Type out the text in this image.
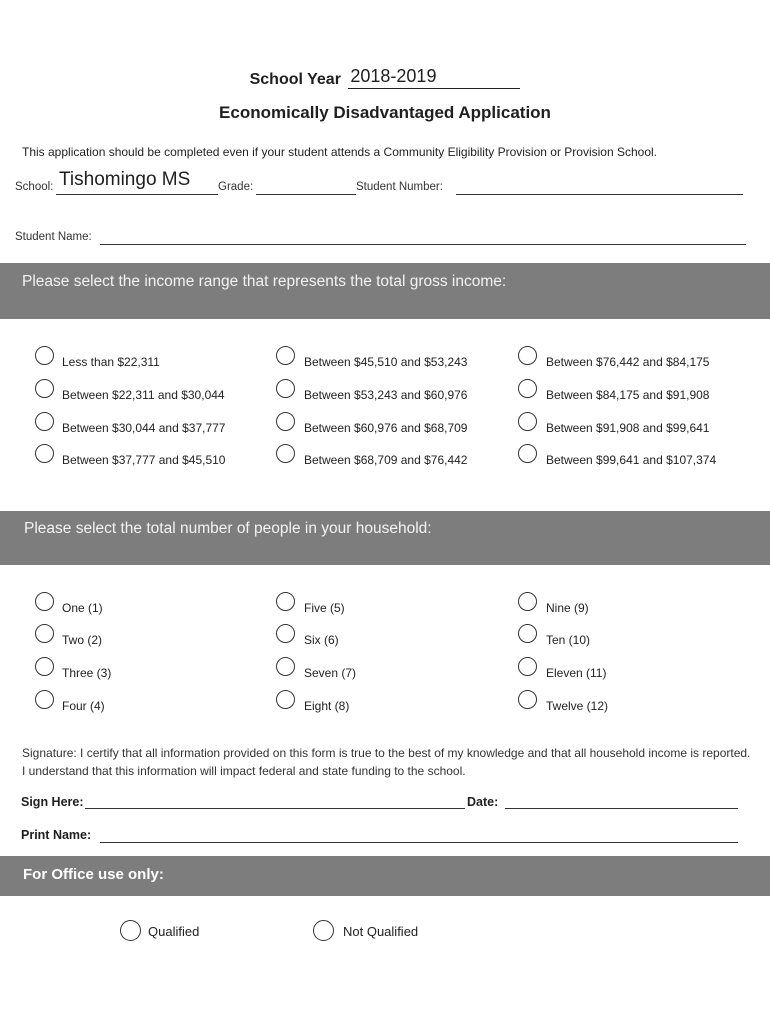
School Year 2018-2019
Economically Disadvantaged Application
This application should be completed even if your student attends a Community Eligibility Provision or Provision School.
School: Tishomingo MS Grade:	Student Number:
Student Name:
Please select the income range that represents the total gross income:
Less than $22,311
Between $22,311 and $30,044
Between $30,044 and $37,777
Between $37,777 and $45,510
Between $45,510 and $53,243
Between $53,243 and $60,976
Between $60,976 and $68,709
Between $68,709 and $76,442
Between $76,442 and $84,175
Between $84,175 and $91,908
Between $91,908 and $99,641
Between $99,641 and $107,374
Please select the total number of people in your household:
One (1)
Two (2)
Three (3)
Four (4)
Five (5)
Six (6)
Seven (7)
Eight (8)
Nine (9)
Ten (10)
Eleven (11)
Twelve (12)
Signature: I certify that all information provided on this form is true to the best of my knowledge and that all household income is reported. I understand that this information will impact federal and state funding to the school.
Sign Here:	Date:
Print Name:
For Office use only:
Qualified	Not Qualified
